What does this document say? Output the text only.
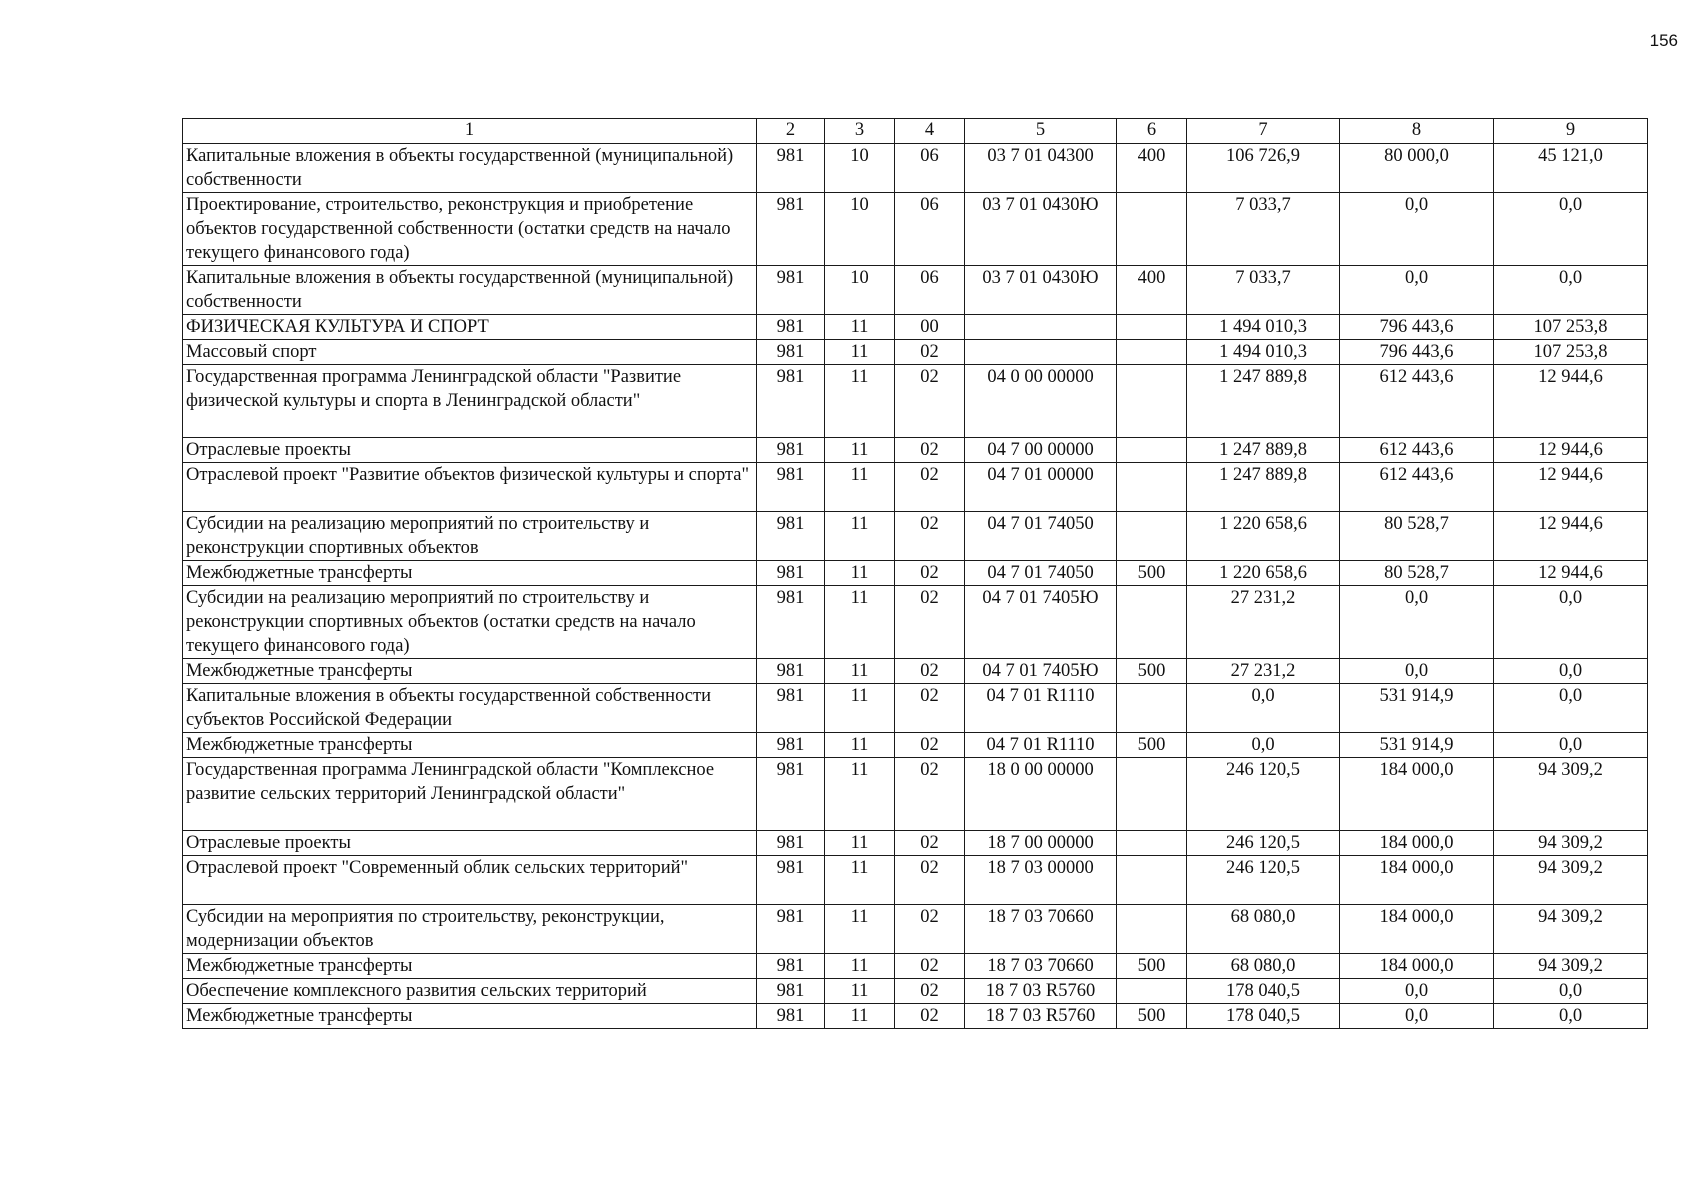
156
1	2	3	4	5	6	7	8	9
Капитальные вложения в объекты государственной (муниципальной) собственности	981	10	06	03 7 01 04300	400	106 726,9	80 000,0	45 121,0
Проектирование, строительство, реконструкция и приобретение объектов государственной собственности (остатки средств на начало текущего финансового года)	981	10	06	03 7 01 0430Ю		7 033,7	0,0	0,0
Капитальные вложения в объекты государственной (муниципальной) собственности	981	10	06	03 7 01 0430Ю	400	7 033,7	0,0	0,0
ФИЗИЧЕСКАЯ КУЛЬТУРА И СПОРТ	981	11	00			1 494 010,3	796 443,6	107 253,8
Массовый спорт	981	11	02			1 494 010,3	796 443,6	107 253,8
Государственная программа Ленинградской области "Развитие физической культуры и спорта в Ленинградской области"	981	11	02	04 0 00 00000		1 247 889,8	612 443,6	12 944,6
Отраслевые проекты	981	11	02	04 7 00 00000		1 247 889,8	612 443,6	12 944,6
Отраслевой проект "Развитие объектов физической культуры и спорта"	981	11	02	04 7 01 00000		1 247 889,8	612 443,6	12 944,6
Субсидии на реализацию мероприятий по строительству и реконструкции спортивных объектов	981	11	02	04 7 01 74050		1 220 658,6	80 528,7	12 944,6
Межбюджетные трансферты	981	11	02	04 7 01 74050	500	1 220 658,6	80 528,7	12 944,6
Субсидии на реализацию мероприятий по строительству и реконструкции спортивных объектов (остатки средств на начало текущего финансового года)	981	11	02	04 7 01 7405Ю		27 231,2	0,0	0,0
Межбюджетные трансферты	981	11	02	04 7 01 7405Ю	500	27 231,2	0,0	0,0
Капитальные вложения в объекты государственной собственности субъектов Российской Федерации	981	11	02	04 7 01 R1110		0,0	531 914,9	0,0
Межбюджетные трансферты	981	11	02	04 7 01 R1110	500	0,0	531 914,9	0,0
Государственная программа Ленинградской области "Комплексное развитие сельских территорий Ленинградской области"	981	11	02	18 0 00 00000		246 120,5	184 000,0	94 309,2
Отраслевые проекты	981	11	02	18 7 00 00000		246 120,5	184 000,0	94 309,2
Отраслевой проект "Современный облик сельских территорий"	981	11	02	18 7 03 00000		246 120,5	184 000,0	94 309,2
Субсидии на мероприятия по строительству, реконструкции, модернизации объектов	981	11	02	18 7 03 70660		68 080,0	184 000,0	94 309,2
Межбюджетные трансферты	981	11	02	18 7 03 70660	500	68 080,0	184 000,0	94 309,2
Обеспечение комплексного развития сельских территорий	981	11	02	18 7 03 R5760		178 040,5	0,0	0,0
Межбюджетные трансферты	981	11	02	18 7 03 R5760	500	178 040,5	0,0	0,0
